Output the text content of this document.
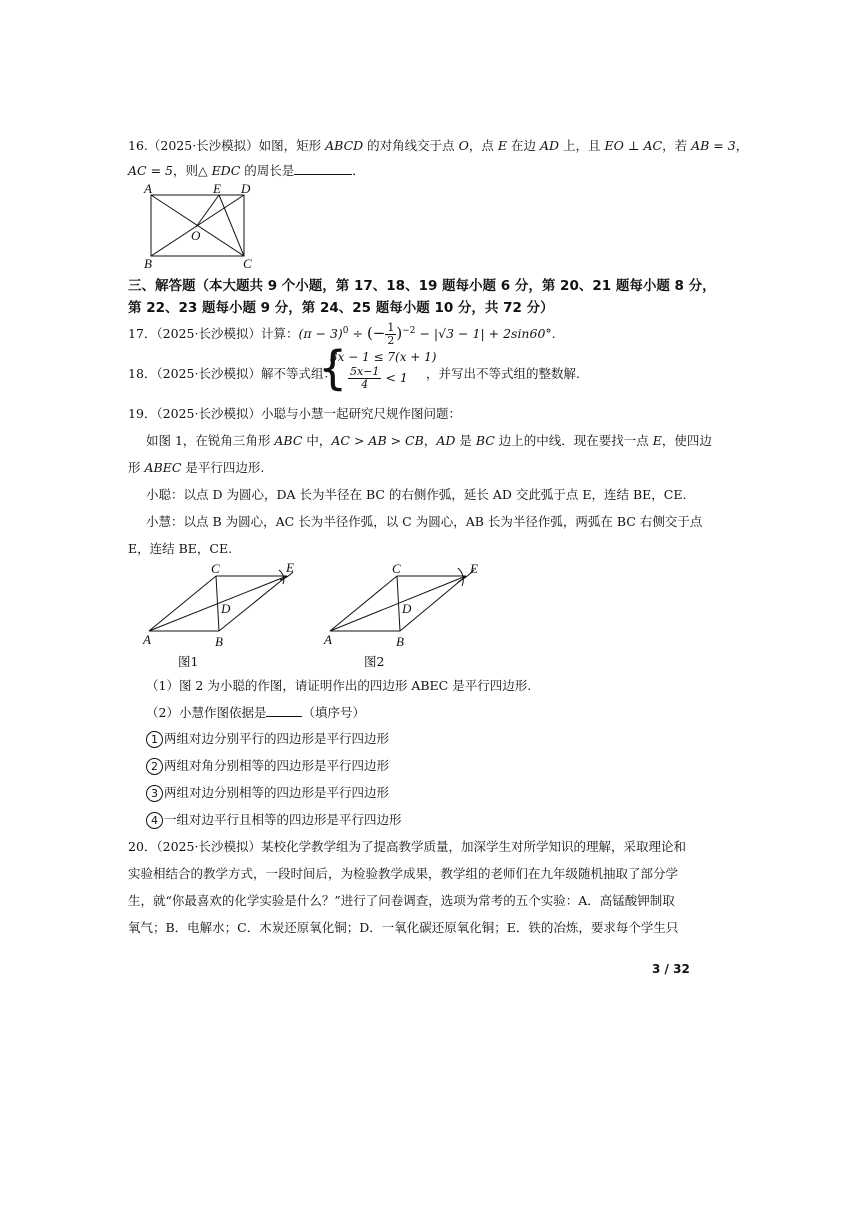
16.（2025·长沙模拟）如图，矩形 ABCD 的对角线交于点 O，点 E 在边 AD 上，且 EO ⊥ AC，若 AB = 3，
AC = 5，则△ EDC 的周长是	．
A	E D
O
B	C
三、解答题（本大题共 9 个小题，第 17、18、19 题每小题 6 分，第 20、21 题每小题 8 分，
第 22、23 题每小题 9 分，第 24、25 题每小题 10 分，共 72 分）
17．（2025·长沙模拟）计算：$(\pi - 3)^0$ ÷ (− $\frac{1}{2} )^{-2} - |√3 - 1| + 2\sin 60^\circ$.
18．（2025·长沙模拟）解不等式组：
{
3x − 1 ≤ 7(x + 1)
$\frac{5x-1}{4} < 1$ ，并写出不等式组的整数解.
19．（2025·长沙模拟）小聪与小慧一起研究尺规作图问题：
如图 1，在锐角三角形 ABC 中，AC > AB > CB，AD 是 BC 边上的中线．现在要找一点 E，使四边
形 ABEC 是平行四边形.
小聪：以点 D 为圆心，DA 长为半径在 BC 的右侧作弧，延长 AD 交此弧于点 E，连结 BE，CE.
小慧：以点 B 为圆心，AC 长为半径作弧，以 C 为圆心，AB 长为半径作弧，两弧在 BC 右侧交于点
E，连结 BE，CE.
C	E
D
A	B
图1
C	E
D
A	B
图2
（1）图 2 为小聪的作图，请证明作出的四边形 ABEC 是平行四边形.
（2）小慧作图依据是	（填序号）
1 两组对边分别平行的四边形是平行四边形
2 两组对角分别相等的四边形是平行四边形
3 两组对边分别相等的四边形是平行四边形
4 一组对边平行且相等的四边形是平行四边形
20．（2025·长沙模拟）某校化学教学组为了提高教学质量，加深学生对所学知识的理解，采取理论和
实验相结合的教学方式，一段时间后，为检验教学成果，教学组的老师们在九年级随机抽取了部分学
生，就“你最喜欢的化学实验是什么？”进行了问卷调查，选项为常考的五个实验：A．高锰酸钾制取
氧气；B．电解水；C．木炭还原氧化铜；D．一氧化碳还原氧化铜；E．铁的冶炼，要求每个学生只
3 / 32
